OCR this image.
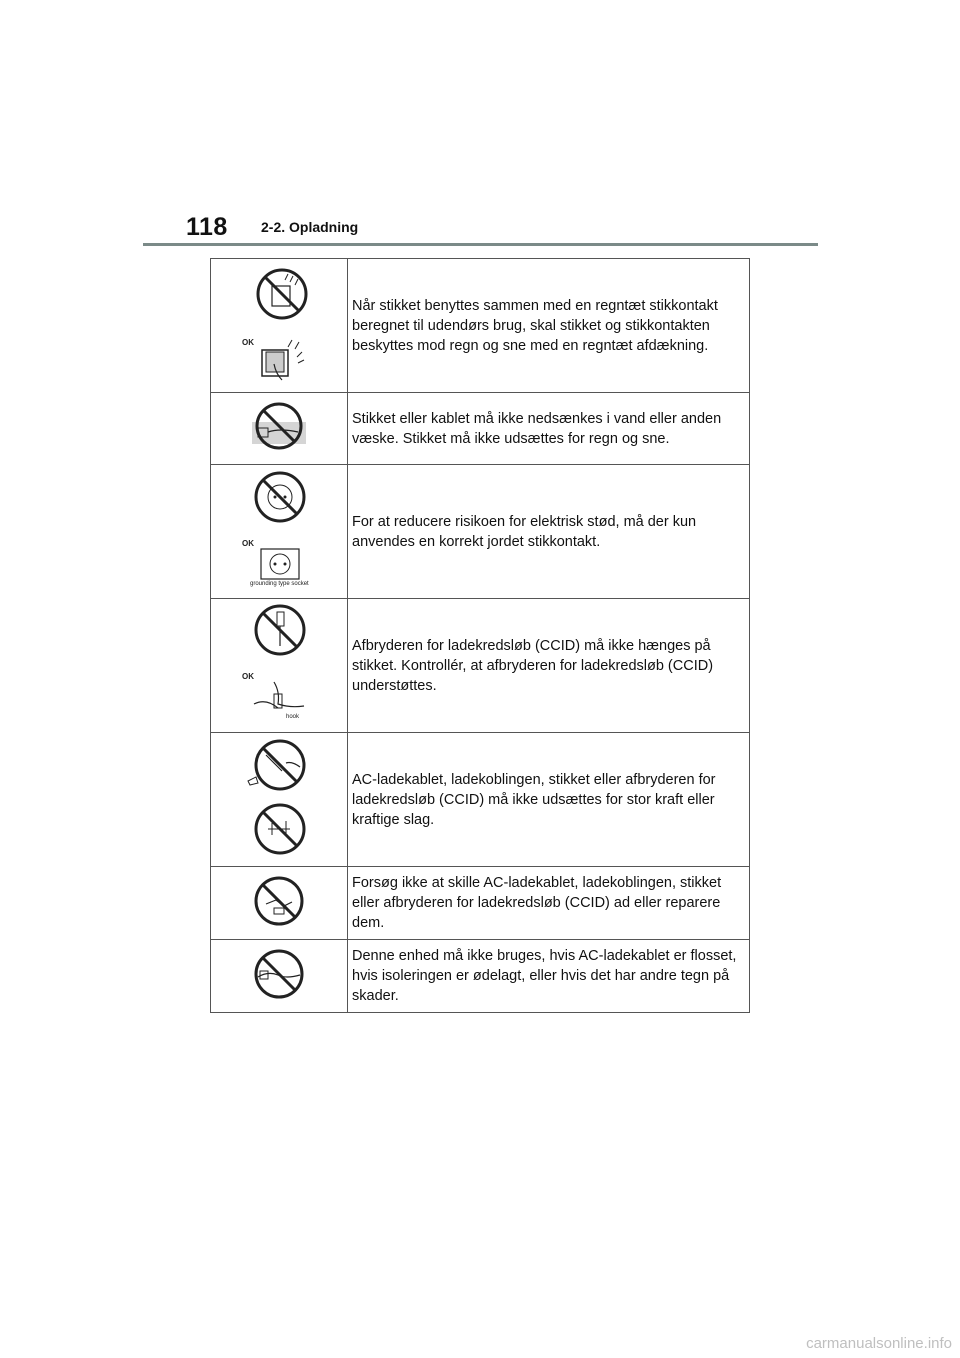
118 2-2. Opladning
OK	Når stikket benyttes sammen med en regntæt stikkontakt beregnet til udendørs brug, skal stikket og stikkontakten beskyttes mod regn og sne med en regntæt afdækning.

	Stikket eller kablet må ikke nedsænkes i vand eller anden væske. Stikket må ikke udsættes for regn og sne.

OK
grounding type socket	For at reducere risikoen for elektrisk stød, må der kun anvendes en korrekt jordet stikkontakt.

OK
hook	Afbryderen for ladekredsløb (CCID) må ikke hænges på stikket. Kontrollér, at afbryderen for ladekredsløb (CCID) understøttes.

	AC-ladekablet, ladekoblingen, stikket eller afbryderen for ladekredsløb (CCID) må ikke udsættes for stor kraft eller kraftige slag.

	Forsøg ikke at skille AC-ladekablet, ladekoblingen, stikket eller afbryderen for ladekredsløb (CCID) ad eller reparere dem.

	Denne enhed må ikke bruges, hvis AC-ladekablet er flosset, hvis isoleringen er ødelagt, eller hvis det har andre tegn på skader.
carmanualsonline.info
